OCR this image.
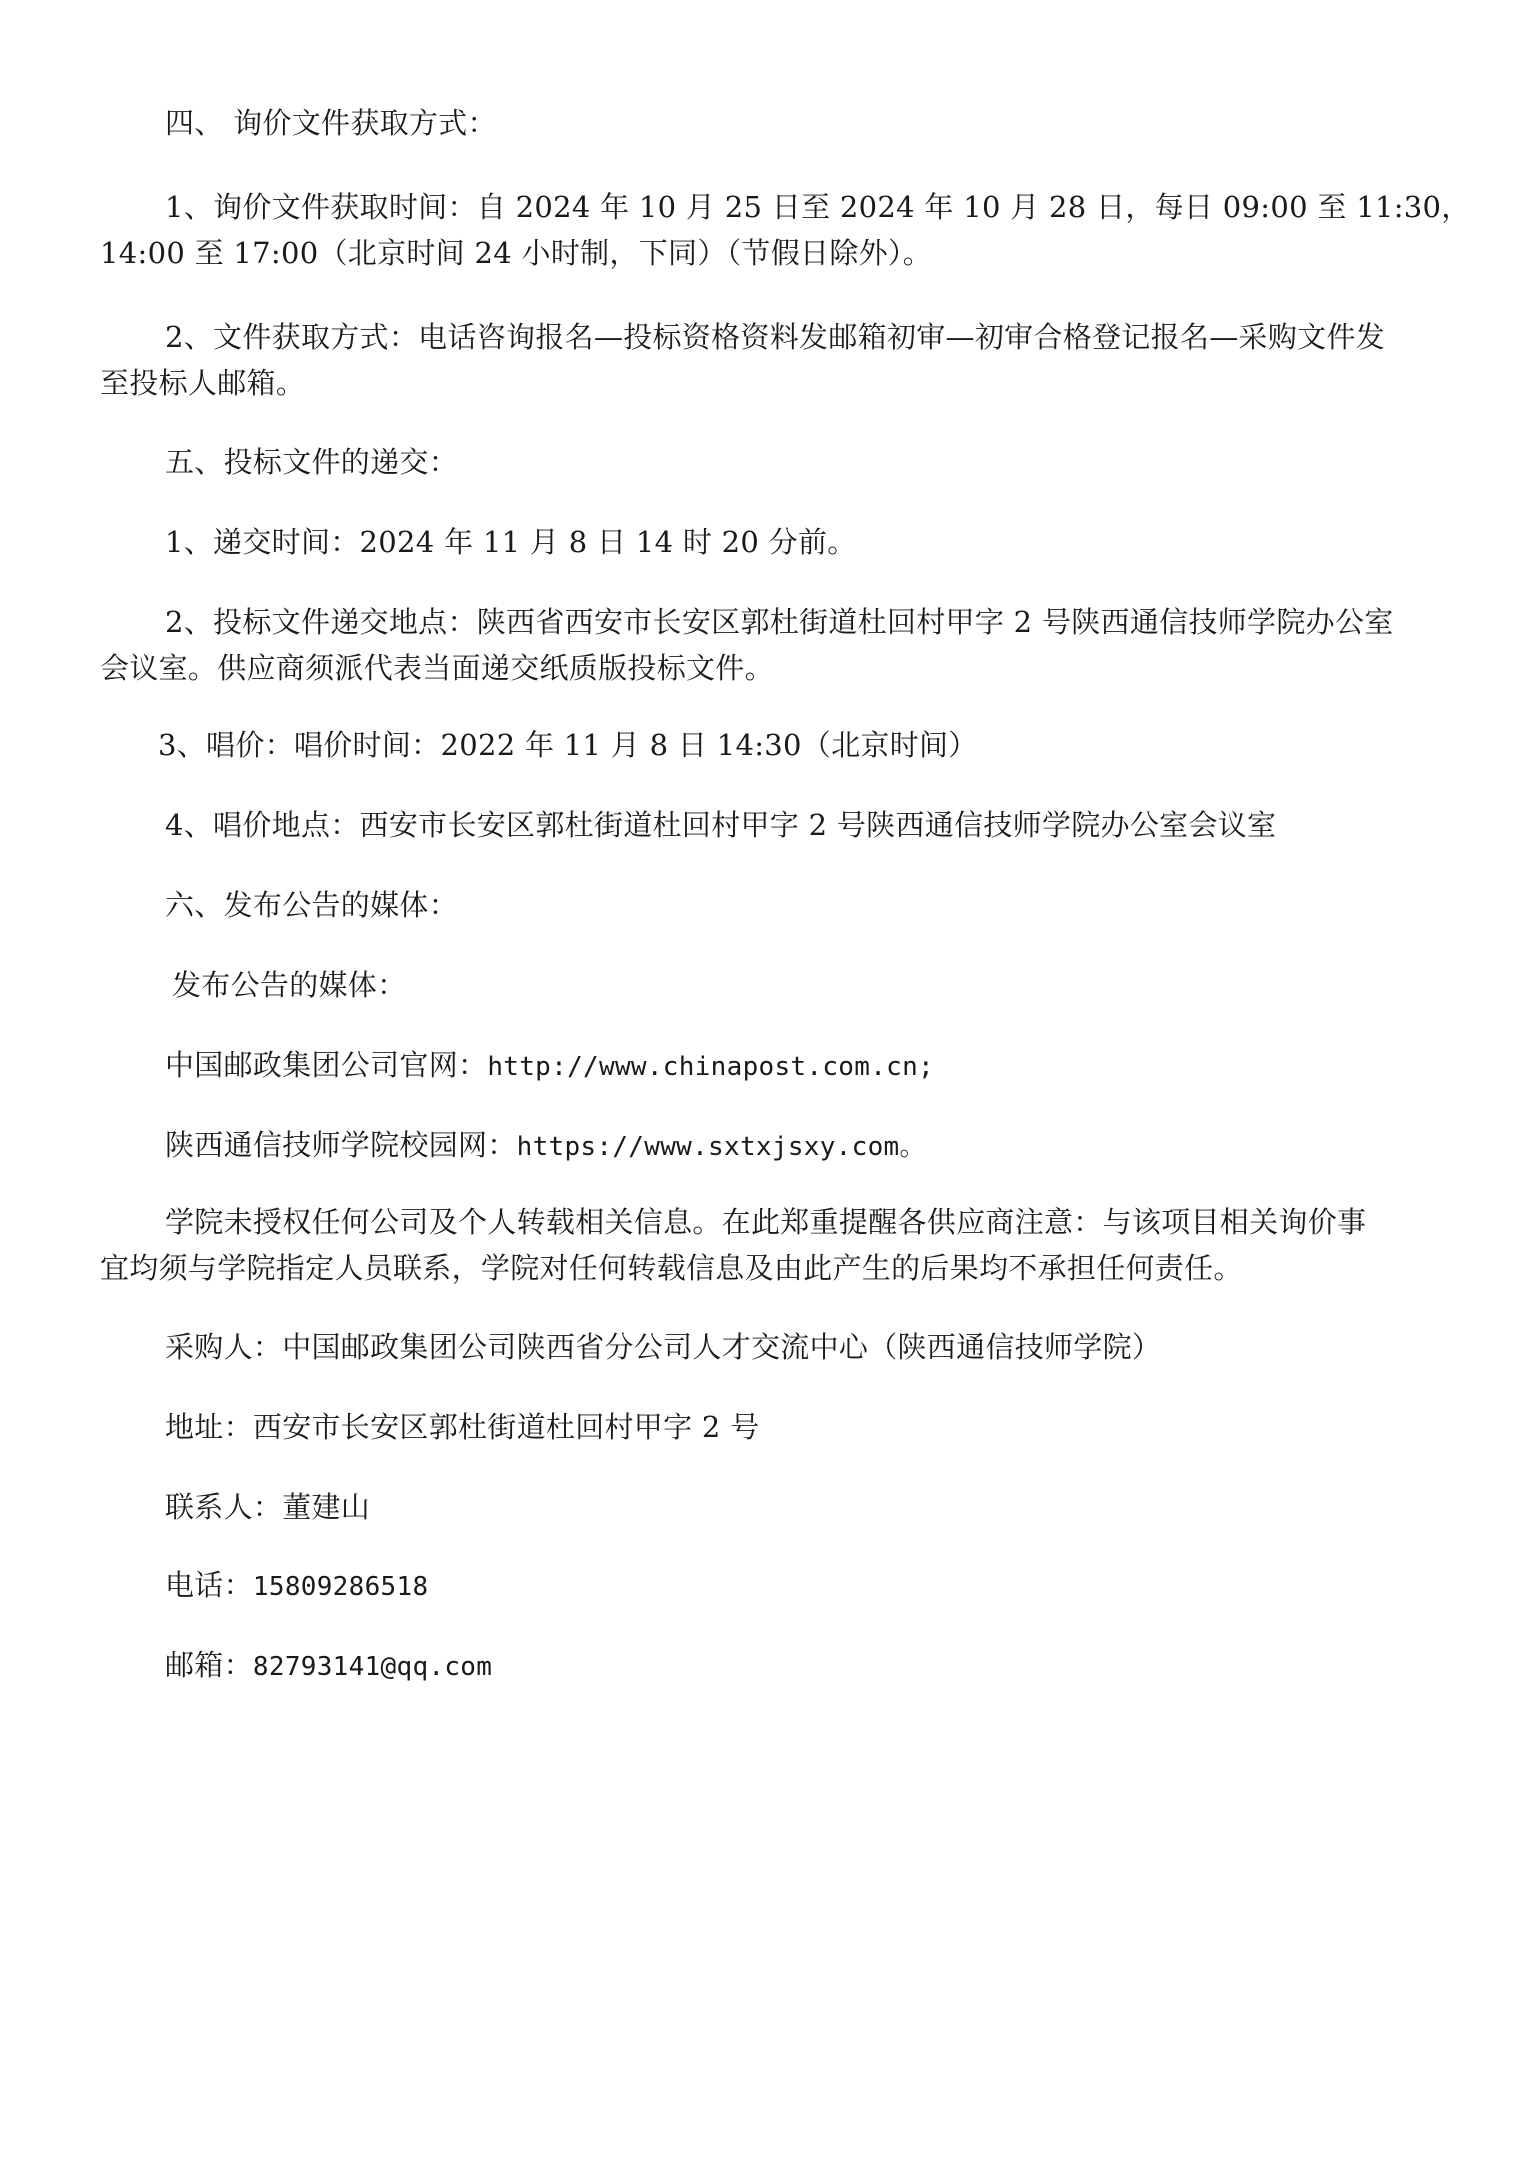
四、 询价文件获取方式：
1、询价文件获取时间：自 2024 年 10 月 25 日至 2024 年 10 月 28 日，每日 09:00 至 11:30，
14:00 至 17:00（北京时间 24 小时制，下同）（节假日除外）。
2、文件获取方式：电话咨询报名—投标资格资料发邮箱初审—初审合格登记报名—采购文件发
至投标人邮箱。
五、投标文件的递交：
1、递交时间：2024 年 11 月 8 日 14 时 20 分前。
2、投标文件递交地点：陕西省西安市长安区郭杜街道杜回村甲字 2 号陕西通信技师学院办公室
会议室。供应商须派代表当面递交纸质版投标文件。
3、唱价：唱价时间：2022 年 11 月 8 日 14:30（北京时间）
4、唱价地点：西安市长安区郭杜街道杜回村甲字 2 号陕西通信技师学院办公室会议室
六、发布公告的媒体：
发布公告的媒体：
中国邮政集团公司官网：http://www.chinapost.com.cn;
陕西通信技师学院校园网：https://www.sxtxjsxy.com。
学院未授权任何公司及个人转载相关信息。在此郑重提醒各供应商注意：与该项目相关询价事
宜均须与学院指定人员联系，学院对任何转载信息及由此产生的后果均不承担任何责任。
采购人：中国邮政集团公司陕西省分公司人才交流中心（陕西通信技师学院）
地址：西安市长安区郭杜街道杜回村甲字 2 号
联系人：董建山
电话：15809286518
邮箱：82793141@qq.com
